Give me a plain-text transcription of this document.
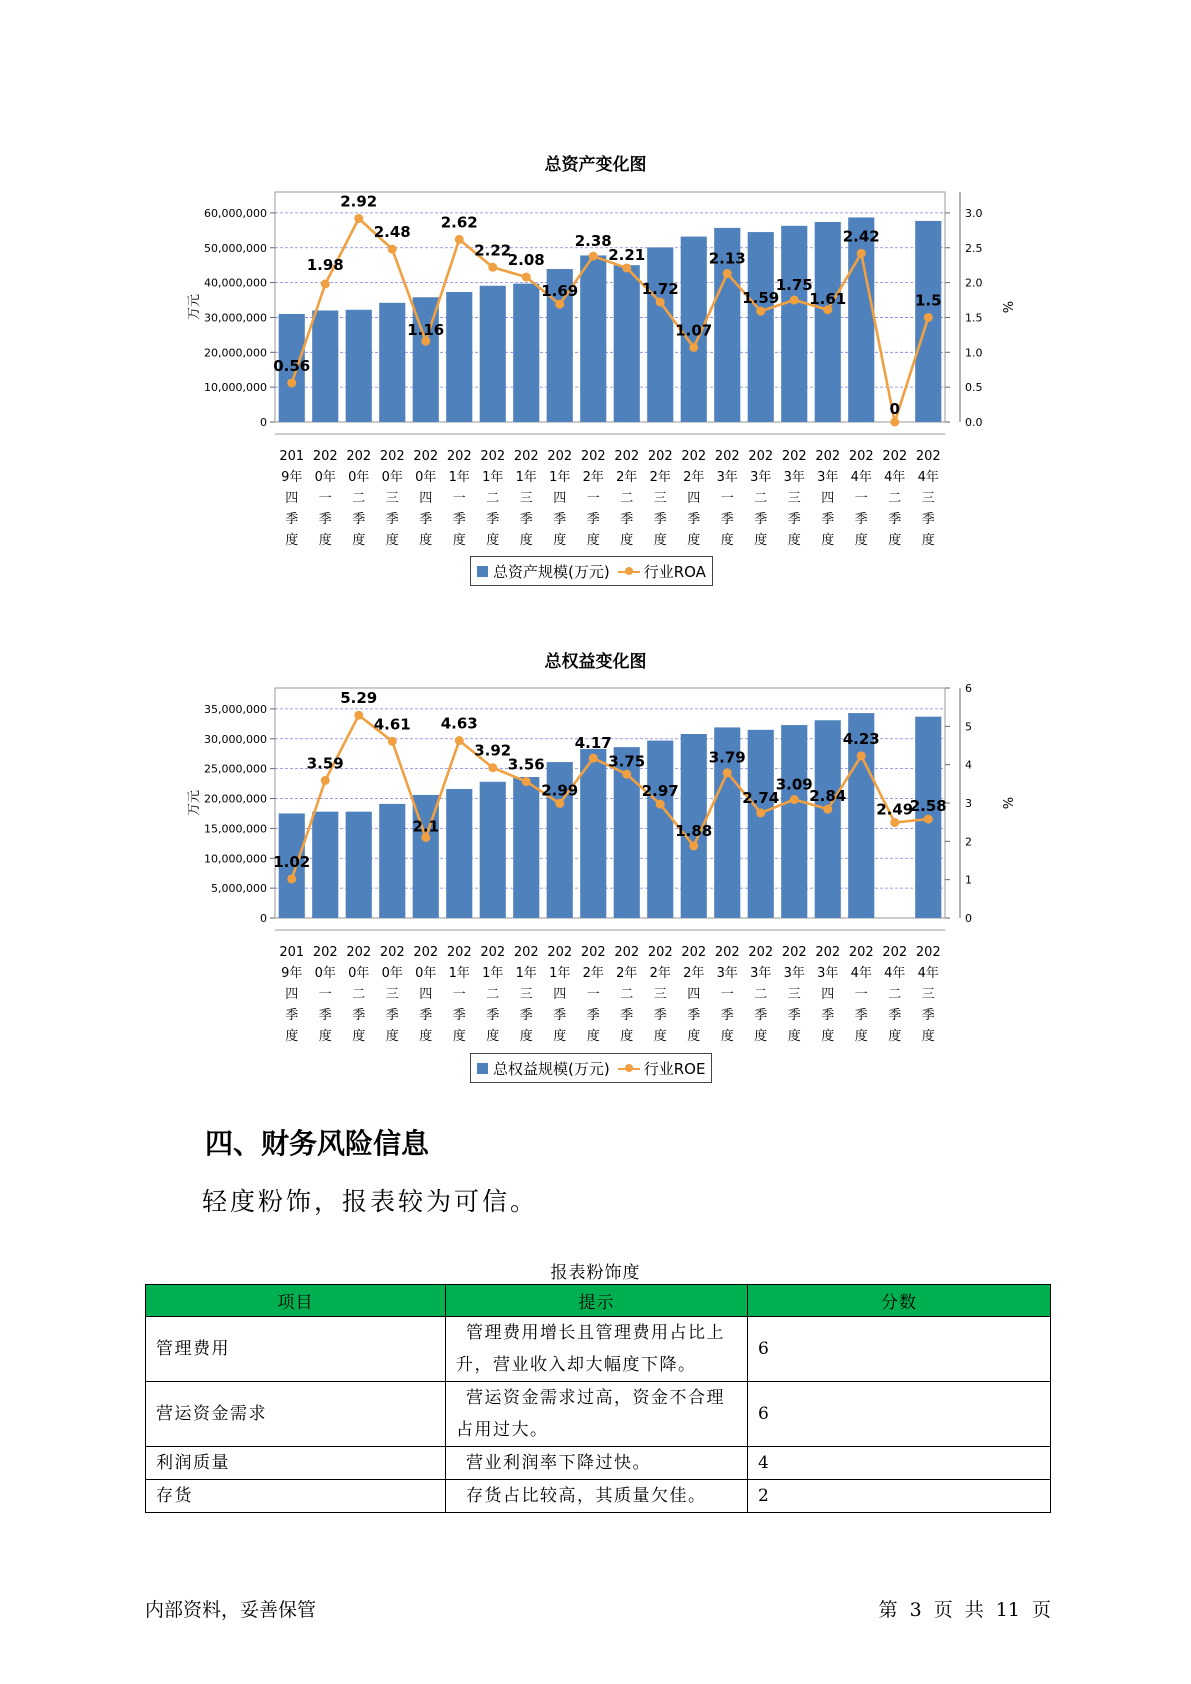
总资产变化图
0
10,000,000
20,000,000
30,000,000
40,000,000
50,000,000
60,000,000
0.0
0.5
1.0
1.5
2.0
2.5
3.0
万元	%
201
9年
四
季
度
202
0年
一
季
度
202
0年
二
季
度
202
0年
三
季
度
202
0年
四
季
度
202
1年
一
季
度
202
1年
二
季
度
202
1年
三
季
度
202
1年
四
季
度
202
2年
一
季
度
202
2年
二
季
度
202
2年
三
季
度
202
2年
四
季
度
202
3年
一
季
度
202
3年
二
季
度
202
3年
三
季
度
202
3年
四
季
度
202
4年
一
季
度
202
4年
二
季
度
202
4年
三
季
度
0.56
1.98
2.92
2.48
1.16
2.62
2.22
2.08
1.69
2.38
2.21
1.72
1.07
2.13
1.59
1.75
1.61
2.42
0
1.5
总资产规模(万元) 行业ROA
总权益变化图
0
5,000,000
10,000,000
15,000,000
20,000,000
25,000,000
30,000,000
35,000,000
0
1
2
3
4
5
6
万元	%
201
9年
四
季
度
202
0年
一
季
度
202
0年
二
季
度
202
0年
三
季
度
202
0年
四
季
度
202
1年
一
季
度
202
1年
二
季
度
202
1年
三
季
度
202
1年
四
季
度
202
2年
一
季
度
202
2年
二
季
度
202
2年
三
季
度
202
2年
四
季
度
202
3年
一
季
度
202
3年
二
季
度
202
3年
三
季
度
202
3年
四
季
度
202
4年
一
季
度
202
4年
二
季
度
202
4年
三
季
度
1.02
3.59
5.29
4.61
2.1
4.63
3.92
3.56
2.99
4.17
3.75
2.97
1.88
3.79
2.74
3.09
2.84
4.23
2.49
2.58
总权益规模(万元) 行业ROE
四、财务风险信息
轻度粉饰，报表较为可信。
报表粉饰度
项目	提示	分数
管理费用	管理费用增长且管理费用占比上
升，营业收入却大幅度下降。	6
营运资金需求	营运资金需求过高，资金不合理
占用过大。	6
利润质量	营业利润率下降过快。	4
存货	存货占比较高，其质量欠佳。	2
内部资料，妥善保管	第 3 页 共 11 页
